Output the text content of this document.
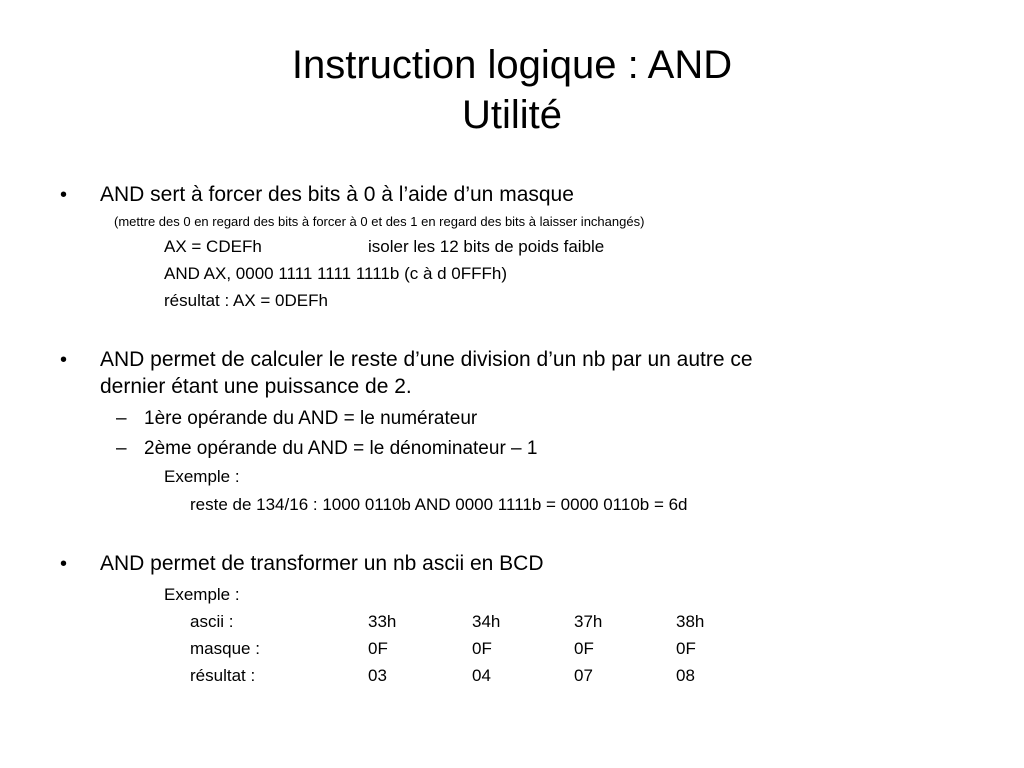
Instruction logique : AND
Utilité
• AND sert à forcer des bits à 0 à l’aide d’un masque
(mettre des 0 en regard des bits à forcer à 0 et des 1 en regard des bits à laisser inchangés)
AX = CDEFh	isoler les 12 bits de poids faible
AND AX, 0000 1111 1111 1111b (c à d 0FFFh)
résultat : AX = 0DEFh
• AND permet de calculer le reste d’une division d’un nb par un autre ce
dernier étant une puissance de 2.
– 1ère opérande du AND = le numérateur
– 2ème opérande du AND = le dénominateur – 1
Exemple :
reste de 134/16 : 1000 0110b AND 0000 1111b = 0000 0110b = 6d
• AND permet de transformer un nb ascii en BCD
Exemple :
ascii :	33h	34h	37h	38h
masque :	0F	0F	0F	0F
résultat :	03	04	07	08
